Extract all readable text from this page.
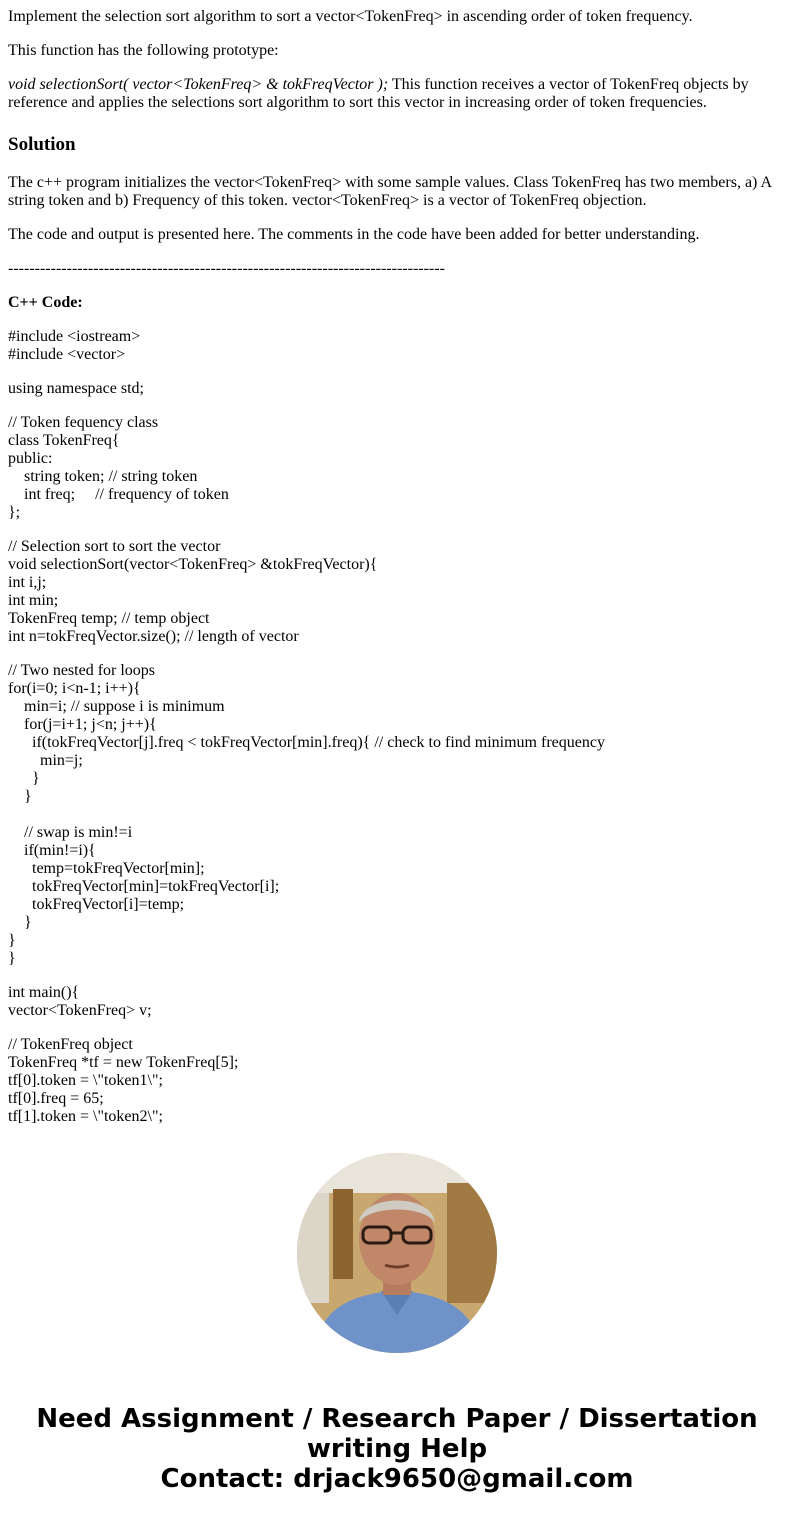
Implement the selection sort algorithm to sort a vector<TokenFreq> in ascending order of token frequency.

This function has the following prototype:

void selectionSort( vector<TokenFreq> & tokFreqVector ); This function receives a vector of TokenFreq objects by reference and applies the selections sort algorithm to sort this vector in increasing order of token frequencies.

Solution

The c++ program initializes the vector<TokenFreq> with some sample values. Class TokenFreq has two members, a) A string token and b) Frequency of this token. vector<TokenFreq> is a vector of TokenFreq objection.

The code and output is presented here. The comments in the code have been added for better understanding.

----------------------------------------------------------------------------------

C++ Code:

#include <iostream>
#include <vector>
using namespace std;
// Token fequency class
class TokenFreq{
public:
string token; // string token
int freq;     // frequency of token
};
// Selection sort to sort the vector
void selectionSort(vector<TokenFreq> &tokFreqVector){
int i,j;
int min;
TokenFreq temp; // temp object
int n=tokFreqVector.size(); // length of vector
// Two nested for loops
for(i=0; i<n-1; i++){
min=i; // suppose i is minimum
for(j=i+1; j<n; j++){
if(tokFreqVector[j].freq < tokFreqVector[min].freq){ // check to find minimum frequency
min=j;
}
}
// swap is min!=i
if(min!=i){
temp=tokFreqVector[min];
tokFreqVector[min]=tokFreqVector[i];
tokFreqVector[i]=temp;
}
}
}
int main(){
vector<TokenFreq> v;
// TokenFreq object
TokenFreq *tf = new TokenFreq[5];
tf[0].token = \"token1\";
tf[0].freq = 65;
tf[1].token = \"token2\";
Need Assignment / Research Paper / Dissertation
writing Help
Contact: drjack9650@gmail.com
